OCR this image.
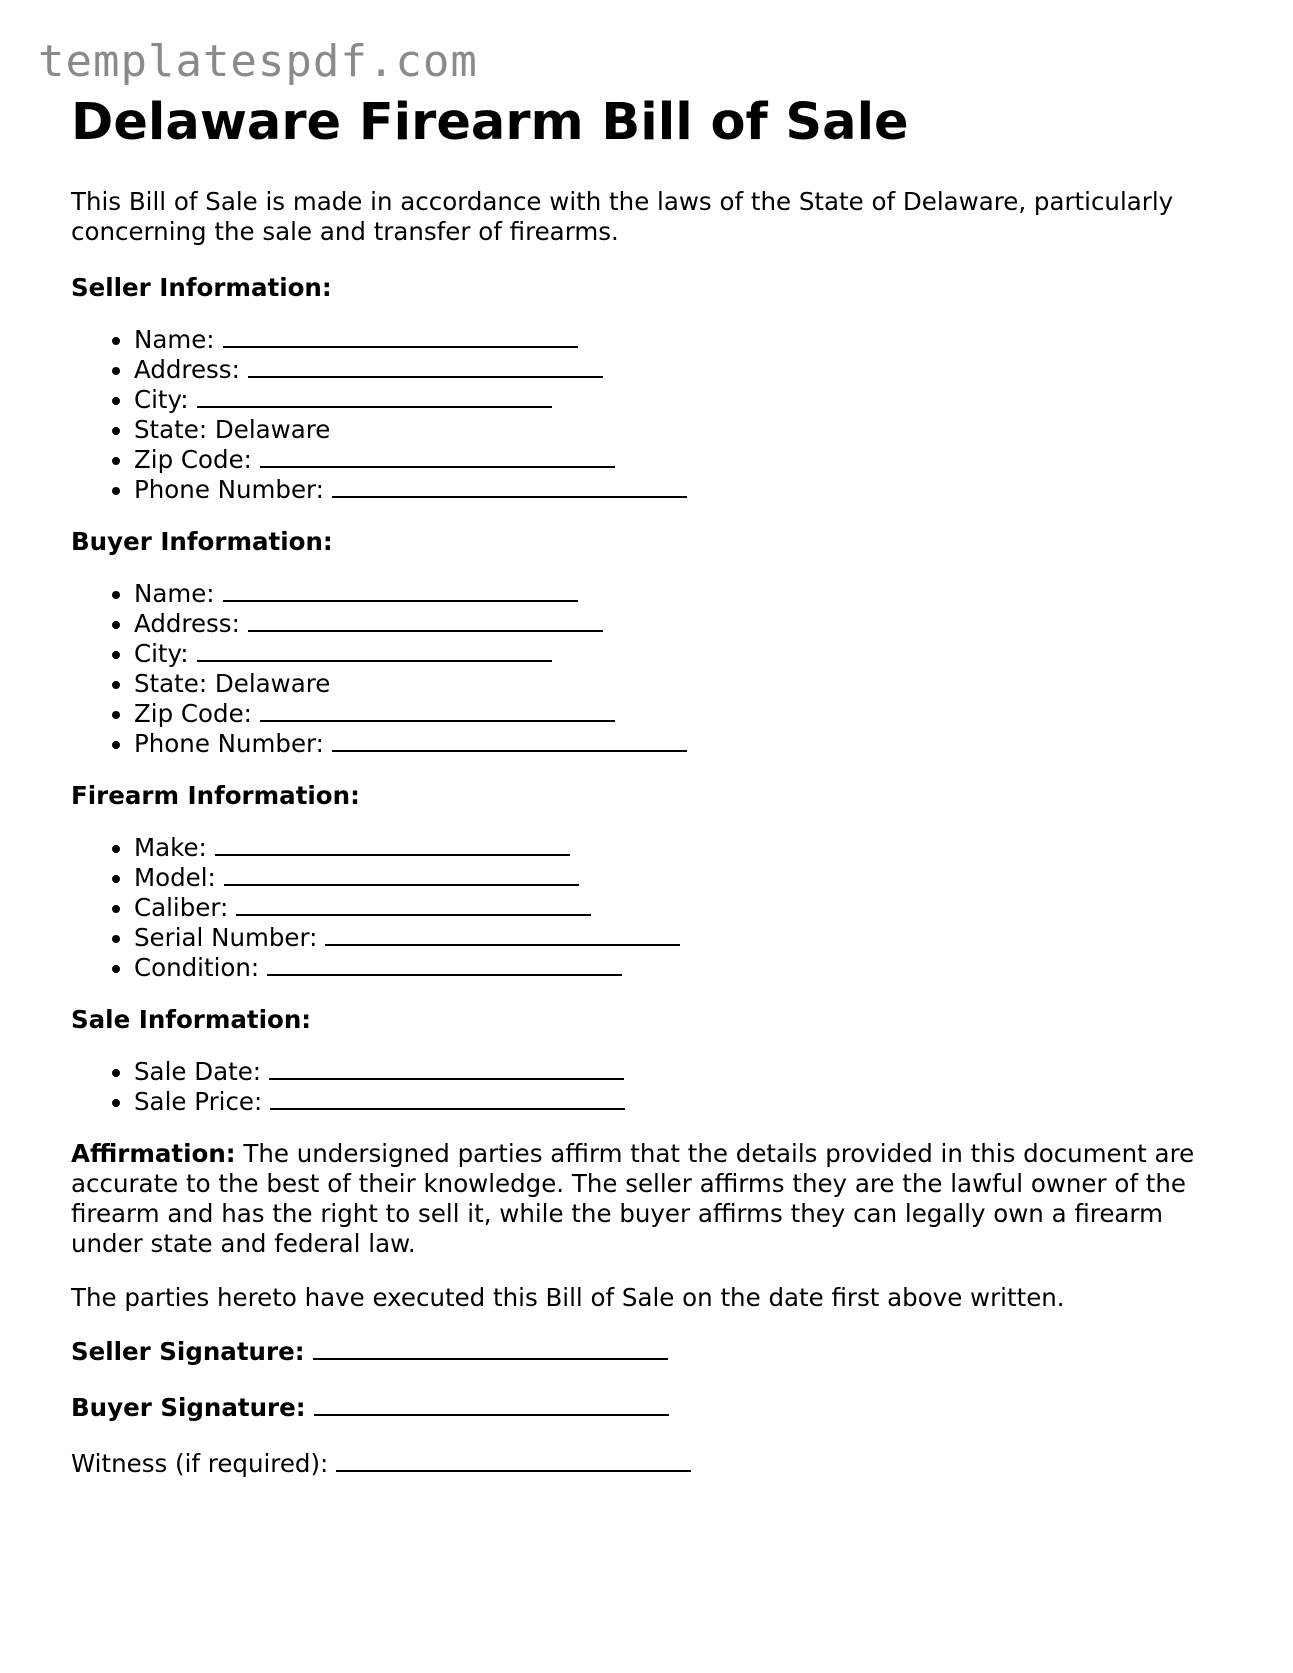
templatespdf.com
Delaware Firearm Bill of Sale

This Bill of Sale is made in accordance with the laws of the State of Delaware, particularly concerning the sale and transfer of firearms.

Seller Information:
• Name:
• Address:
• City:
• State: Delaware
• Zip Code:
• Phone Number:
Buyer Information:
• Name:
• Address:
• City:
• State: Delaware
• Zip Code:
• Phone Number:
Firearm Information:
• Make:
• Model:
• Caliber:
• Serial Number:
• Condition:
Sale Information:
• Sale Date:
• Sale Price:

Affirmation: The undersigned parties affirm that the details provided in this document are accurate to the best of their knowledge. The seller affirms they are the lawful owner of the firearm and has the right to sell it, while the buyer affirms they can legally own a firearm under state and federal law.

The parties hereto have executed this Bill of Sale on the date first above written.

Seller Signature:
Buyer Signature:
Witness (if required):
